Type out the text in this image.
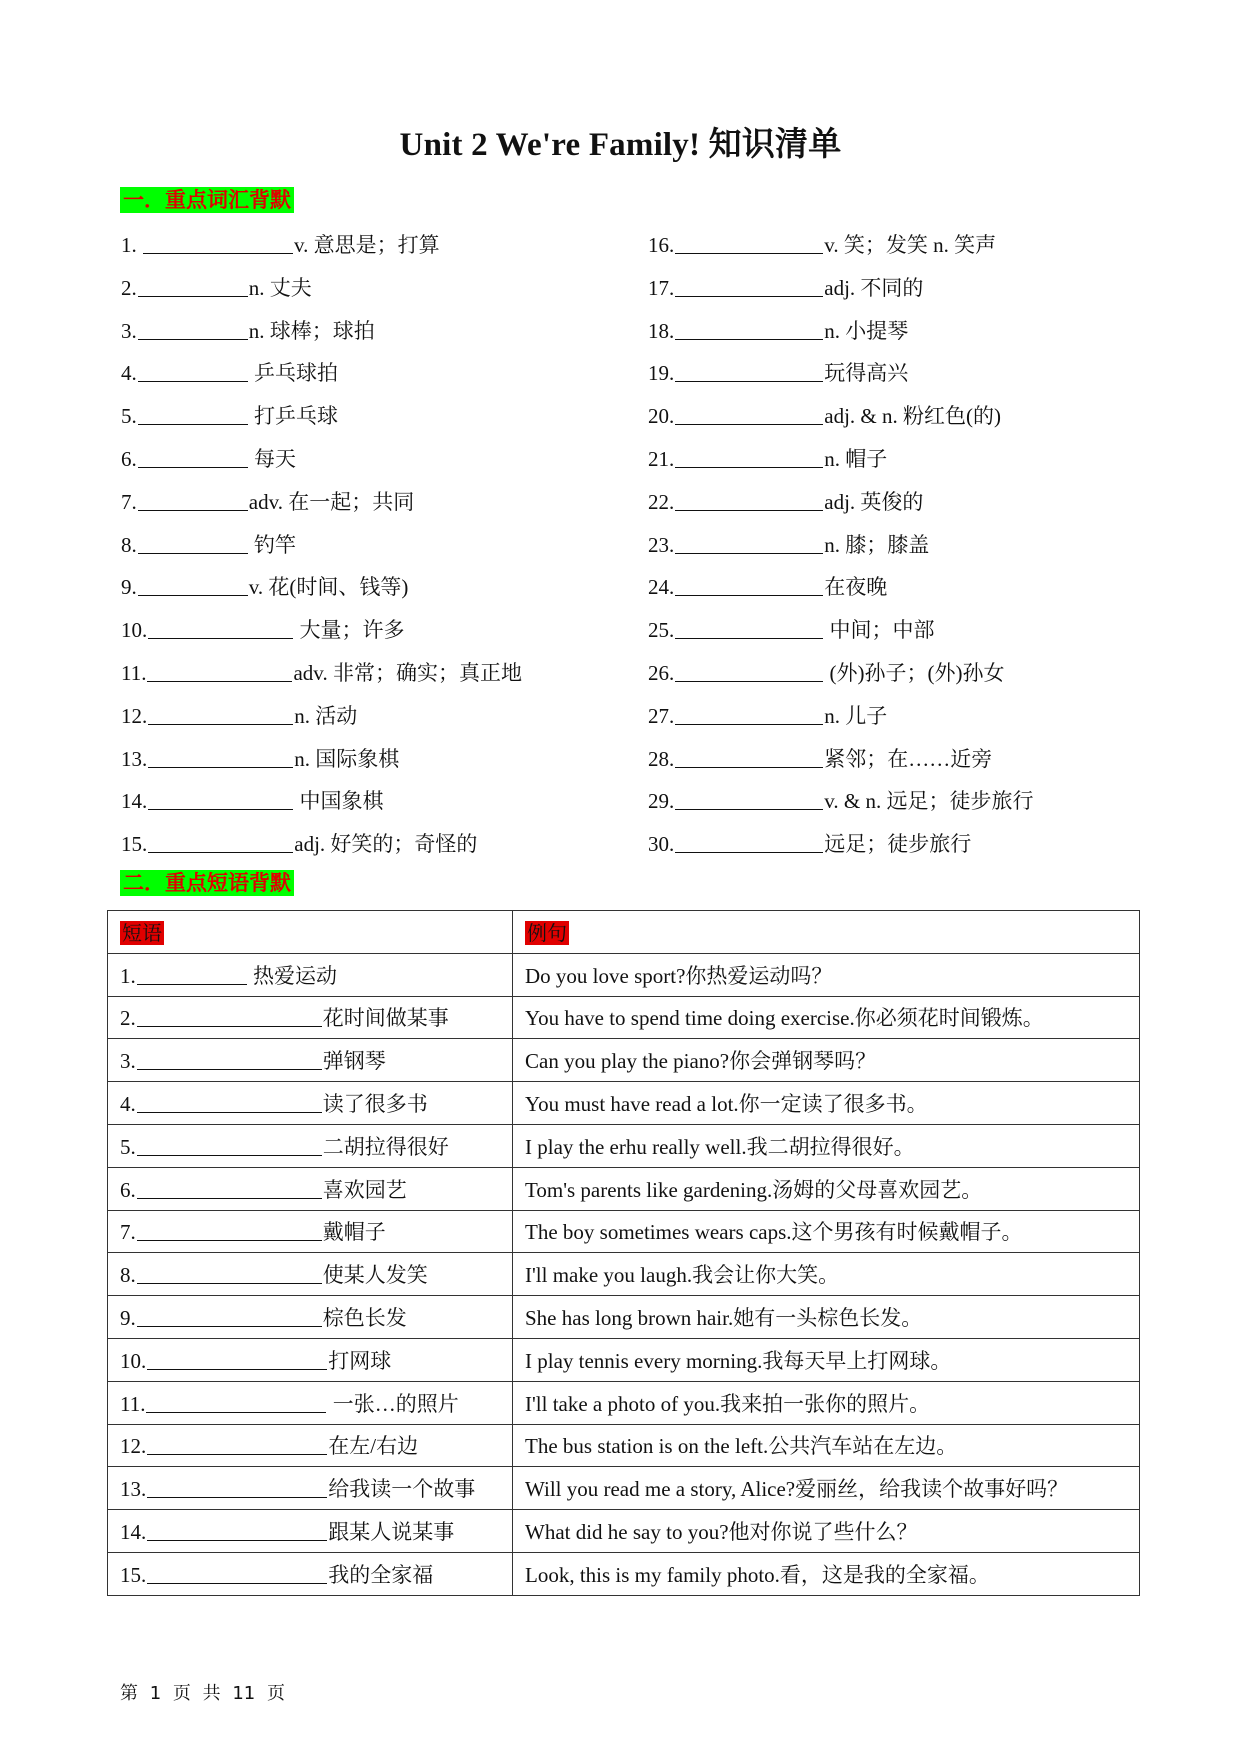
Unit 2 We're Family! 知识清单
一．重点词汇背默
1.	v. 意思是；打算
2.	n. 丈夫
3.	n. 球棒；球拍
4.	乒乓球拍
5.	打乒乓球
6.	每天
7.	adv. 在一起；共同
8.	钓竿
9.	v. 花(时间、钱等)
10.	大量；许多
11.	adv. 非常；确实；真正地
12.	n. 活动
13.	n. 国际象棋
14.	中国象棋
15.	adj. 好笑的；奇怪的
16.	v. 笑；发笑 n. 笑声
17.	adj. 不同的
18.	n. 小提琴
19.	玩得高兴
20.	adj. & n. 粉红色(的)
21.	n. 帽子
22.	adj. 英俊的
23.	n. 膝；膝盖
24.	在夜晚
25.	中间；中部
26.	(外)孙子；(外)孙女
27.	n. 儿子
28.	紧邻；在……近旁
29.	v. & n. 远足；徒步旅行
30.	远足；徒步旅行
二．重点短语背默
短语	例句
1. 热爱运动	Do you love sport?你热爱运动吗？
2. 花时间做某事	You have to spend time doing exercise.你必须花时间锻炼。
3. 弹钢琴	Can you play the piano?你会弹钢琴吗？
4. 读了很多书	You must have read a lot.你一定读了很多书。
5. 二胡拉得很好	I play the erhu really well.我二胡拉得很好。
6. 喜欢园艺	Tom's parents like gardening.汤姆的父母喜欢园艺。
7. 戴帽子	The boy sometimes wears caps.这个男孩有时候戴帽子。
8. 使某人发笑	I'll make you laugh.我会让你大笑。
9. 棕色长发	She has long brown hair.她有一头棕色长发。
10. 打网球	I play tennis every morning.我每天早上打网球。
11. 一张…的照片	I'll take a photo of you.我来拍一张你的照片。
12. 在左/右边	The bus station is on the left.公共汽车站在左边。
13. 给我读一个故事	Will you read me a story, Alice?爱丽丝，给我读个故事好吗？
14. 跟某人说某事	What did he say to you?他对你说了些什么？
15. 我的全家福	Look, this is my family photo.看，这是我的全家福。
第 1 页 共 11 页
